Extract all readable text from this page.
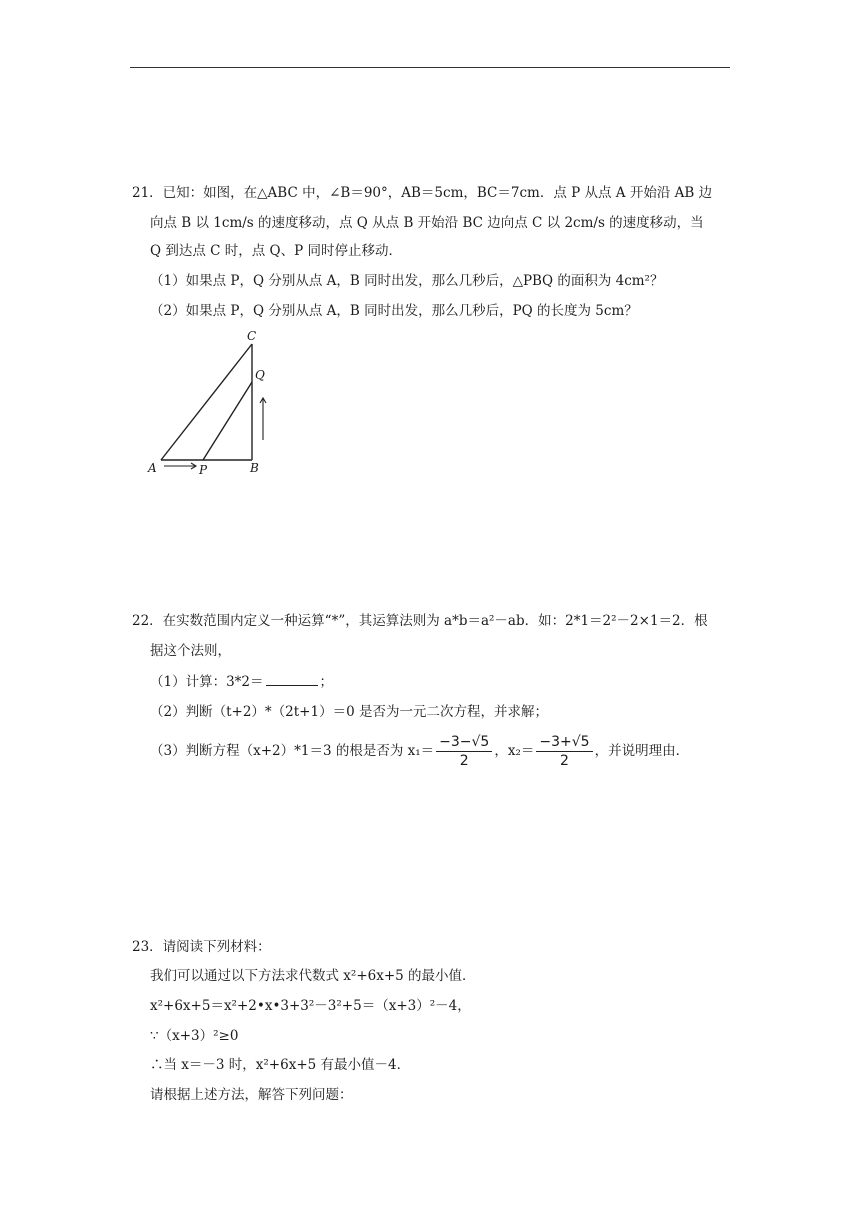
21．已知：如图，在△ABC 中，∠B＝90°，AB＝5cm，BC＝7cm．点 P 从点 A 开始沿 AB 边
向点 B 以 1cm/s 的速度移动，点 Q 从点 B 开始沿 BC 边向点 C 以 2cm/s 的速度移动，当
Q 到达点 C 时，点 Q、P 同时停止移动．
（1）如果点 P，Q 分别从点 A，B 同时出发，那么几秒后，△PBQ 的面积为 4cm²？
（2）如果点 P，Q 分别从点 A，B 同时出发，那么几秒后，PQ 的长度为 5cm？
A	P	B
C
Q
22．在实数范围内定义一种运算“*”，其运算法则为 a*b＝a²－ab．如：2*1＝2²－2×1＝2．根
据这个法则，
（1）计算：3*2＝	；
（2）判断（t+2）*（2t+1）＝0 是否为一元二次方程，并求解；
（3）判断方程（x+2）*1＝3 的根是否为 $x_1= \frac{-3-√5}{2}$ ，$x_2= \frac{-3+√5}{2}$ ，并说明理由．
23．请阅读下列材料：
我们可以通过以下方法求代数式 x²+6x+5 的最小值．
x²+6x+5＝x²+2•x•3+3²－3²+5＝（x+3）²－4，
∵（x+3）²≥0
∴当 x＝－3 时，x²+6x+5 有最小值－4．
请根据上述方法，解答下列问题：
